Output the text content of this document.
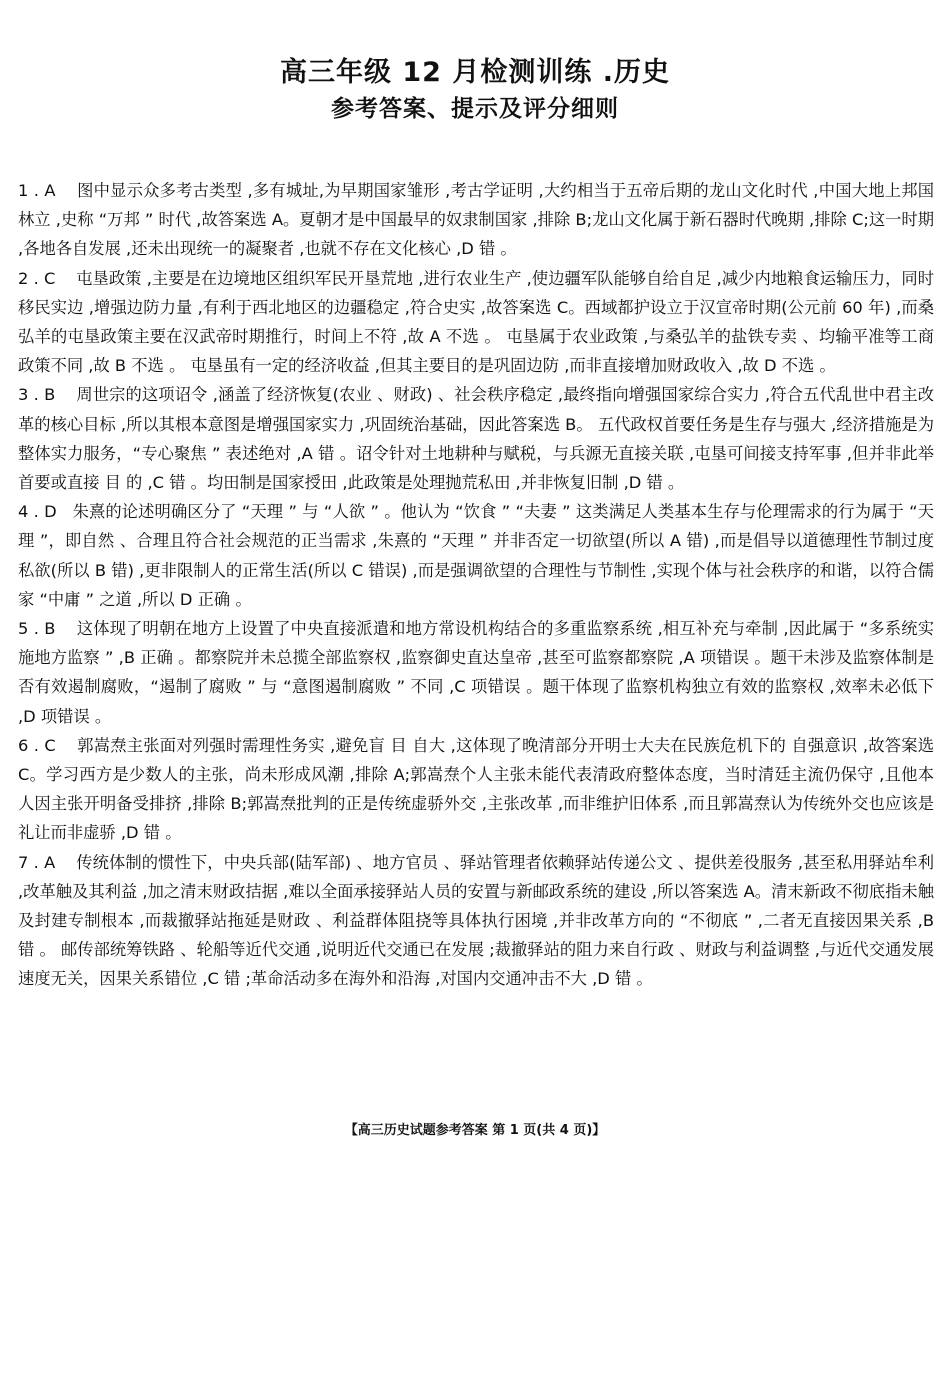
高三年级 12 月检测训练 .历史
参考答案、提示及评分细则

1 . A 图中显示众多考古类型 ,多有城址,为早期国家雏形 ,考古学证明 ,大约相当于五帝后期的龙山文化时代 ,中国大地上邦国林立 ,史称 “万邦 ” 时代 ,故答案选 A。夏朝才是中国最早的奴隶制国家 ,排除 B;龙山文化属于新石器时代晚期 ,排除 C;这一时期 ,各地各自发展 ,还未出现统一的凝聚者 ,也就不存在文化核心 ,D 错 。

2 . C 屯垦政策 ,主要是在边境地区组织军民开垦荒地 ,进行农业生产 ,使边疆军队能够自给自足 ,减少内地粮食运输压力，同时移民实边 ,增强边防力量 ,有利于西北地区的边疆稳定 ,符合史实 ,故答案选 C。西域都护设立于汉宣帝时期(公元前 60 年) ,而桑弘羊的屯垦政策主要在汉武帝时期推行，时间上不符 ,故 A 不选 。 屯垦属于农业政策 ,与桑弘羊的盐铁专卖 、均输平准等工商政策不同 ,故 B 不选 。 屯垦虽有一定的经济收益 ,但其主要目的是巩固边防 ,而非直接增加财政收入 ,故 D 不选 。

3 . B 周世宗的这项诏令 ,涵盖了经济恢复(农业 、财政) 、社会秩序稳定 ,最终指向增强国家综合实力 ,符合五代乱世中君主改革的核心目标 ,所以其根本意图是增强国家实力 ,巩固统治基础，因此答案选 B。 五代政权首要任务是生存与强大 ,经济措施是为整体实力服务，“专心聚焦 ” 表述绝对 ,A 错 。诏令针对土地耕种与赋税，与兵源无直接关联 ,屯垦可间接支持军事 ,但并非此举首要或直接 目 的 ,C 错 。均田制是国家授田 ,此政策是处理抛荒私田 ,并非恢复旧制 ,D 错 。

4 . D 朱熹的论述明确区分了 “天理 ” 与 “人欲 ” 。他认为 “饮食 ” “夫妻 ” 这类满足人类基本生存与伦理需求的行为属于 “天理 ”，即自然 、合理且符合社会规范的正当需求 ,朱熹的 “天理 ” 并非否定一切欲望(所以 A 错) ,而是倡导以道德理性节制过度私欲(所以 B 错) ,更非限制人的正常生活(所以 C 错误) ,而是强调欲望的合理性与节制性 ,实现个体与社会秩序的和谐，以符合儒家 “中庸 ” 之道 ,所以 D 正确 。

5 . B 这体现了明朝在地方上设置了中央直接派遣和地方常设机构结合的多重监察系统 ,相互补充与牵制 ,因此属于 “多系统实施地方监察 ” ,B 正确 。都察院并未总揽全部监察权 ,监察御史直达皇帝 ,甚至可监察都察院 ,A 项错误 。题干未涉及监察体制是否有效遏制腐败，“遏制了腐败 ” 与 “意图遏制腐败 ” 不同 ,C 项错误 。题干体现了监察机构独立有效的监察权 ,效率未必低下 ,D 项错误 。

6 . C 郭嵩焘主张面对列强时需理性务实 ,避免盲 目 自大 ,这体现了晚清部分开明士大夫在民族危机下的 自强意识 ,故答案选 C。学习西方是少数人的主张，尚未形成风潮 ,排除 A;郭嵩焘个人主张未能代表清政府整体态度，当时清廷主流仍保守 ,且他本人因主张开明备受排挤 ,排除 B;郭嵩焘批判的正是传统虚骄外交 ,主张改革 ,而非维护旧体系 ,而且郭嵩焘认为传统外交也应该是礼让而非虚骄 ,D 错 。

7 . A 传统体制的惯性下，中央兵部(陆军部) 、地方官员 、驿站管理者依赖驿站传递公文 、提供差役服务 ,甚至私用驿站牟利 ,改革触及其利益 ,加之清末财政拮据 ,难以全面承接驿站人员的安置与新邮政系统的建设 ,所以答案选 A。清末新政不彻底指未触及封建专制根本 ,而裁撤驿站拖延是财政 、利益群体阻挠等具体执行困境 ,并非改革方向的 “不彻底 ” ,二者无直接因果关系 ,B 错 。 邮传部统筹铁路 、轮船等近代交通 ,说明近代交通已在发展 ;裁撤驿站的阻力来自行政 、财政与利益调整 ,与近代交通发展速度无关，因果关系错位 ,C 错 ;革命活动多在海外和沿海 ,对国内交通冲击不大 ,D 错 。

【高三历史试题参考答案 第 1 页(共 4 页)】
